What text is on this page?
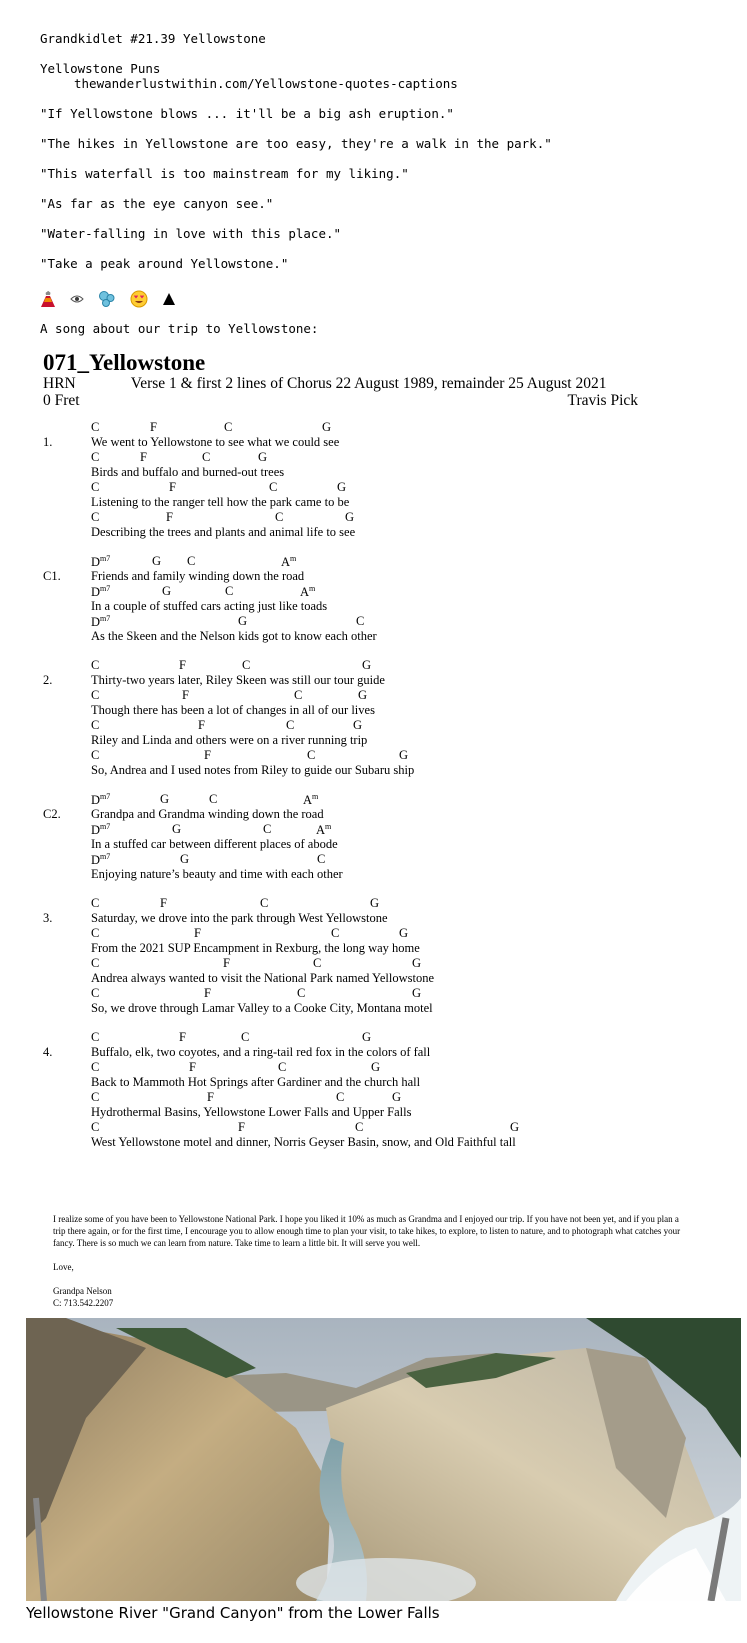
Grandkidlet #21.39 Yellowstone
Yellowstone Puns
thewanderlustwithin.com/Yellowstone-quotes-captions
"If Yellowstone blows ... it'll be a big ash eruption."
"The hikes in Yellowstone are too easy, they're a walk in the park."
"This waterfall is too mainstream for my liking."
"As far as the eye canyon see."
"Water-falling in love with this place."
"Take a peak around Yellowstone."
A song about our trip to Yellowstone:
071_Yellowstone
HRN	Verse 1 & first 2 lines of Chorus 22 August 1989, remainder 25 August 2021
0 Fret	Travis Pick
1.
C	F	C	G
We went to Yellowstone to see what we could see
C	F	C	G
Birds and buffalo and burned-out trees
C	F	C	G
Listening to the ranger tell how the park came to be
C	F	C	G
Describing the trees and plants and animal life to see
C1.
$D^{m7}$	G C	$A^m$
Friends and family winding down the road
$D^{m7}$	G	C	$A^m$
In a couple of stuffed cars acting just like toads
$D^{m7}$	G	C
As the Skeen and the Nelson kids got to know each other
2.
C	F	C	G
Thirty-two years later, Riley Skeen was still our tour guide
C	F	C	G
Though there has been a lot of changes in all of our lives
C	F	C	G
Riley and Linda and others were on a river running trip
C	F	C	G
So, Andrea and I used notes from Riley to guide our Subaru ship
C2.
$D^{m7}$	G	C	$A^m$
Grandpa and Grandma winding down the road
$D^{m7}$	G	C	$A^m$
In a stuffed car between different places of abode
$D^{m7}$	G	C
Enjoying nature’s beauty and time with each other
3.
C	F	C	G
Saturday, we drove into the park through West Yellowstone
C	F	C	G
From the 2021 SUP Encampment in Rexburg, the long way home
C	F	C	G
Andrea always wanted to visit the National Park named Yellowstone
C	F	C	G
So, we drove through Lamar Valley to a Cooke City, Montana motel
4.
C	F	C	G
Buffalo, elk, two coyotes, and a ring-tail red fox in the colors of fall
C	F	C	G
Back to Mammoth Hot Springs after Gardiner and the church hall
C	F	C	G
Hydrothermal Basins, Yellowstone Lower Falls and Upper Falls
C	F	C	G
West Yellowstone motel and dinner, Norris Geyser Basin, snow, and Old Faithful tall

I realize some of you have been to Yellowstone National Park. I hope you liked it 10% as much as Grandma and I enjoyed our trip. If you have not been yet, and if you plan a trip there again, or for the first time, I encourage you to allow enough time to plan your visit, to take hikes, to explore, to listen to nature, and to photograph what catches your fancy. There is so much we can learn from nature. Take time to learn a little bit. It will serve you well.

Love,

Grandpa Nelson

C: 713.542.2207

Yellowstone River "Grand Canyon" from the Lower Falls
